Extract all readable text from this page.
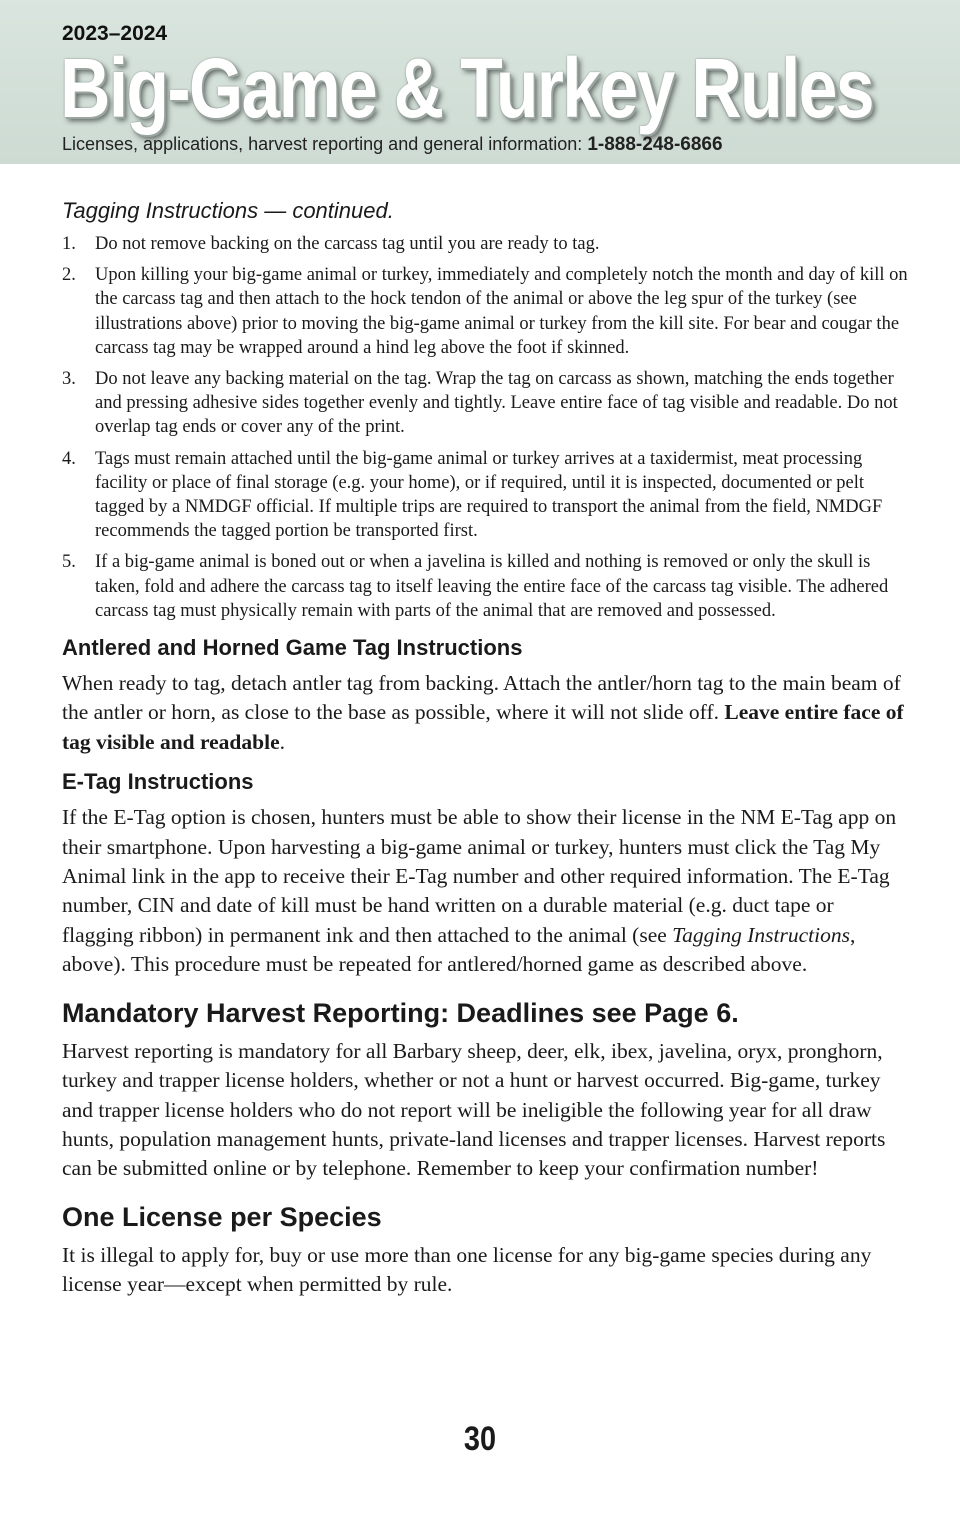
2023–2024
Big-Game & Turkey Rules
Licenses, applications, harvest reporting and general information: 1-888-248-6866
Tagging Instructions — continued.
1. Do not remove backing on the carcass tag until you are ready to tag.
2. Upon killing your big-game animal or turkey, immediately and completely notch the month and day of kill on the carcass tag and then attach to the hock tendon of the animal or above the leg spur of the turkey (see illustrations above) prior to moving the big-game animal or turkey from the kill site. For bear and cougar the carcass tag may be wrapped around a hind leg above the foot if skinned.
3. Do not leave any backing material on the tag. Wrap the tag on carcass as shown, matching the ends together and pressing adhesive sides together evenly and tightly. Leave entire face of tag visible and readable. Do not overlap tag ends or cover any of the print.
4. Tags must remain attached until the big-game animal or turkey arrives at a taxidermist, meat processing facility or place of final storage (e.g. your home), or if required, until it is inspected, documented or pelt tagged by a NMDGF official. If multiple trips are required to transport the animal from the field, NMDGF recommends the tagged portion be transported first.
5. If a big-game animal is boned out or when a javelina is killed and nothing is removed or only the skull is taken, fold and adhere the carcass tag to itself leaving the entire face of the carcass tag visible. The adhered carcass tag must physically remain with parts of the animal that are removed and possessed.
Antlered and Horned Game Tag Instructions

When ready to tag, detach antler tag from backing. Attach the antler/horn tag to the main beam of the antler or horn, as close to the base as possible, where it will not slide off. Leave entire face of tag visible and readable.

E-Tag Instructions

If the E-Tag option is chosen, hunters must be able to show their license in the NM E-Tag app on their smartphone. Upon harvesting a big-game animal or turkey, hunters must click the Tag My Animal link in the app to receive their E-Tag number and other required information. The E-Tag number, CIN and date of kill must be hand written on a durable material (e.g. duct tape or flagging ribbon) in permanent ink and then attached to the animal (see Tagging Instructions, above). This procedure must be repeated for antlered/horned game as described above.

Mandatory Harvest Reporting: Deadlines see Page 6.

Harvest reporting is mandatory for all Barbary sheep, deer, elk, ibex, javelina, oryx, pronghorn, turkey and trapper license holders, whether or not a hunt or harvest occurred. Big-game, turkey and trapper license holders who do not report will be ineligible the following year for all draw hunts, population management hunts, private-land licenses and trapper licenses. Harvest reports can be submitted online or by telephone. Remember to keep your confirmation number!

One License per Species

It is illegal to apply for, buy or use more than one license for any big-game species during any license year—except when permitted by rule.

30
